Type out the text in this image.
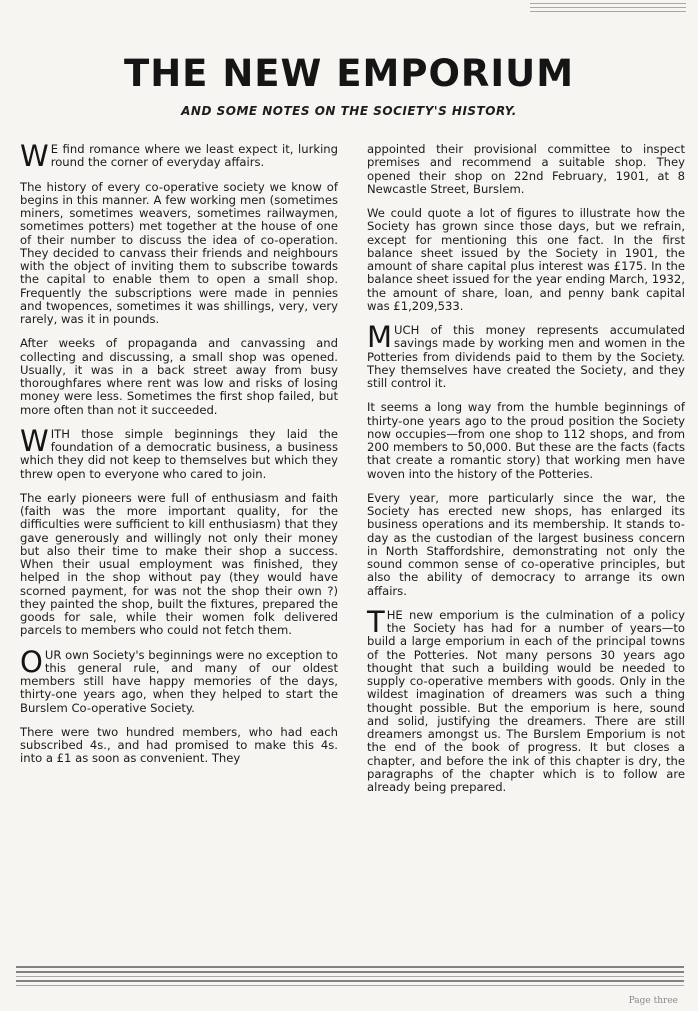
THE NEW EMPORIUM
AND SOME NOTES ON THE SOCIETY'S HISTORY.

W E find romance where we least expect it, lurking round the corner of everyday affairs.

The history of every co-operative society we know of begins in this manner. A few working men (sometimes miners, sometimes weavers, sometimes railwaymen, sometimes potters) met together at the house of one of their number to discuss the idea of co-operation. They decided to canvass their friends and neighbours with the object of inviting them to subscribe towards the capital to enable them to open a small shop. Frequently the subscriptions were made in pennies and twopences, sometimes it was shillings, very, very rarely, was it in pounds.

After weeks of propaganda and canvassing and collecting and discussing, a small shop was opened. Usually, it was in a back street away from busy thoroughfares where rent was low and risks of losing money were less. Sometimes the first shop failed, but more often than not it succeeded.

WITH those simple beginnings they laid the foundation of a democratic business, a business which they did not keep to themselves but which they threw open to everyone who cared to join.

The early pioneers were full of enthusiasm and faith (faith was the more important quality, for the difficulties were sufficient to kill enthusiasm) that they gave generously and willingly not only their money but also their time to make their shop a success. When their usual employment was finished, they helped in the shop without pay (they would have scorned payment, for was not the shop their own ?) they painted the shop, built the fixtures, prepared the goods for sale, while their women folk delivered parcels to members who could not fetch them.

OUR own Society's beginnings were no exception to this general rule, and many of our oldest members still have happy memories of the days, thirty-one years ago, when they helped to start the Burslem Co-operative Society.

There were two hundred members, who had each subscribed 4s., and had promised to make this 4s. into a £1 as soon as convenient. They

appointed their provisional committee to inspect premises and recommend a suitable shop. They opened their shop on 22nd February, 1901, at 8 Newcastle Street, Burslem.

We could quote a lot of figures to illustrate how the Society has grown since those days, but we refrain, except for mentioning this one fact. In the first balance sheet issued by the Society in 1901, the amount of share capital plus interest was £175. In the balance sheet issued for the year ending March, 1932, the amount of share, loan, and penny bank capital was £1,209,533.

MUCH of this money represents accumulated savings made by working men and women in the Potteries from dividends paid to them by the Society. They themselves have created the Society, and they still control it.

It seems a long way from the humble beginnings of thirty-one years ago to the proud position the Society now occupies—from one shop to 112 shops, and from 200 members to 50,000. But these are the facts (facts that create a romantic story) that working men have woven into the history of the Potteries.

Every year, more particularly since the war, the Society has erected new shops, has enlarged its business operations and its membership. It stands to-day as the custodian of the largest business concern in North Staffordshire, demonstrating not only the sound common sense of co-operative principles, but also the ability of democracy to arrange its own affairs.

THE new emporium is the culmination of a policy the Society has had for a number of years—to build a large emporium in each of the principal towns of the Potteries. Not many persons 30 years ago thought that such a building would be needed to supply co-operative members with goods. Only in the wildest imagination of dreamers was such a thing thought possible. But the emporium is here, sound and solid, justifying the dreamers. There are still dreamers amongst us. The Burslem Emporium is not the end of the book of progress. It but closes a chapter, and before the ink of this chapter is dry, the paragraphs of the chapter which is to follow are already being prepared.

Page three
